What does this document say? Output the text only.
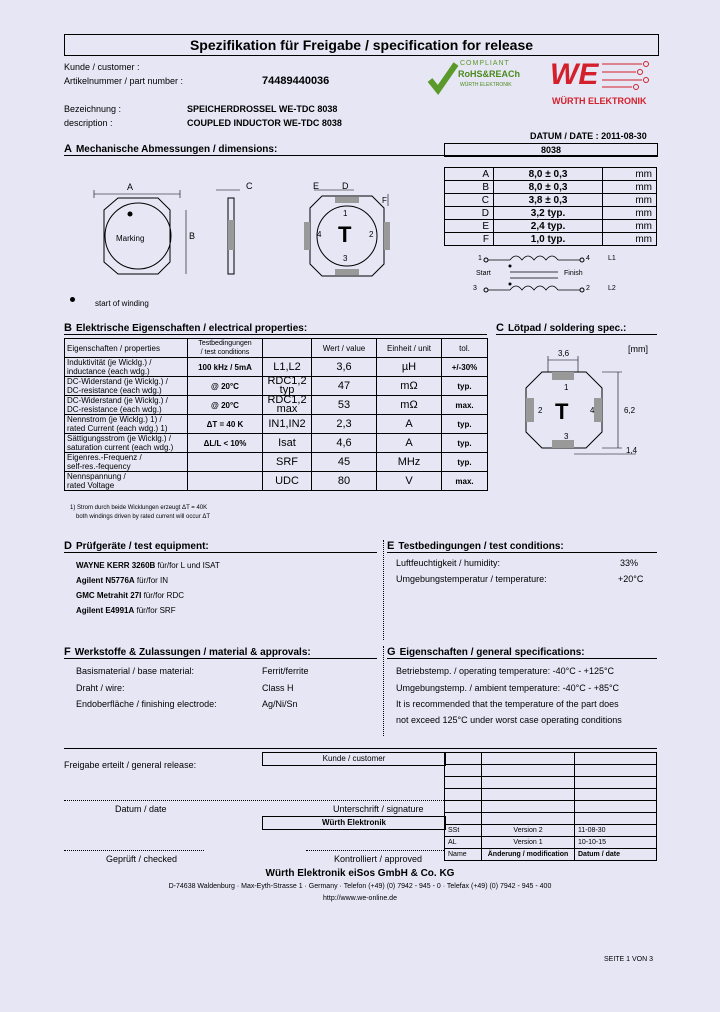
Spezifikation für Freigabe / specification for release
Kunde / customer :
Artikelnummer / part number :	74489440036
Bezeichnung :	SPEICHERDROSSEL WE-TDC 8038
description :	COUPLED INDUCTOR WE-TDC 8038
COMPLIANT
RoHS&REACh
WÜRTH ELEKTRONIK WE
WÜRTH ELEKTRONIK
DATUM / DATE : 2011-08-30
A Mechanische Abmessungen / dimensions:	8038
A
B
Marking
C	E	D
F
T
1
2
3
4
start of winding
A	8,0 ± 0,3	mm
B	8,0 ± 0,3	mm
C	3,8 ± 0,3	mm
D	3,2 typ.	mm
E	2,4 typ.	mm
F	1,0 typ.	mm
1	4
3	2
Start	Finish
L1
L2
B Elektrische Eigenschaften / electrical properties:
Eigenschaften / properties	Testbedingungen
/ test conditions		Wert / value	Einheit / unit	tol.
Induktivität (je Wicklg.) /
inductance (each wdg.)	100 kHz / 5mA	L1,L2	3,6	µH	+/-30%
DC-Widerstand (je Wicklg.) /
DC-resistance (each wdg.)	@ 20°C	RDC1,2 typ	47	mΩ	typ.
DC-Widerstand (je Wicklg.) /
DC-resistance (each wdg.)	@ 20°C	RDC1,2 max	53	mΩ	max.
Nennstrom (je Wicklg.) 1) /
rated Current (each wdg.) 1)	ΔT = 40 K	IN1,IN2	2,3	A	typ.
Sättigungsstrom (je Wicklg.) /
saturation current (each wdg.)	ΔL/L < 10%	Isat	4,6	A	typ.
Eigenres.-Frequenz /
self-res.-fequency		SRF	45	MHz	typ.
Nennspannung /
rated Voltage		UDC	80	V	max.
1) Strom durch beide Wicklungen erzeugt ΔT = 40K
both windings driven by rated current will occur ΔT
C Lötpad / soldering spec.:
[mm]
3,6
6,2
1,4
T
1
2
3
4
D Prüfgeräte / test equipment:
WAYNE KERR 3260B für/for L und ISAT
Agilent N5776A für/for IN
GMC Metrahit 27I für/for RDC
Agilent E4991A für/for SRF
E Testbedingungen / test conditions:
Luftfeuchtigkeit / humidity:	33%
Umgebungstemperatur / temperature:	+20°C
F Werkstoffe & Zulassungen / material & approvals:
Basismaterial / base material:	Ferrit/ferrite
Draht / wire:	Class H
Endoberfläche / finishing electrode:	Ag/Ni/Sn
G Eigenschaften / general specifications:
Betriebstemp. / operating temperature: -40°C - +125°C
Umgebungstemp. / ambient temperature: -40°C - +85°C
It is recommended that the temperature of the part does
not exceed 125°C under worst case operating conditions
Freigabe erteilt / general release:
Kunde / customer
Datum / date	Unterschrift / signature
Würth Elektronik
Geprüft / checked	Kontrolliert / approved

SSt	Version 2	11-08-30
AL	Version 1	10-10-15
Name	Änderung / modification	Datum / date
Würth Elektronik eiSos GmbH & Co. KG
D-74638 Waldenburg · Max-Eyth-Strasse 1 · Germany · Telefon (+49) (0) 7942 - 945 - 0 · Telefax (+49) (0) 7942 - 945 - 400
http://www.we-online.de
SEITE 1 VON 3
